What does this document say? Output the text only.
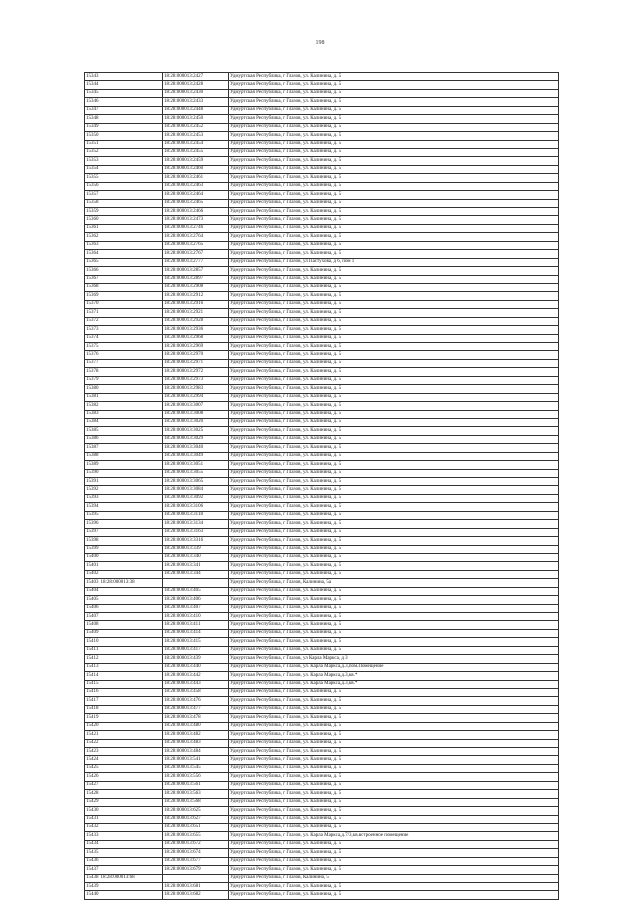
198
15343	18:28:000013:2427	Удмуртская Республика, г Глазов, ул. Калинина, д. 5
15344	18:28:000013:2428	Удмуртская Республика, г Глазов, ул. Калинина, д. 5
15345	18:28:000013:2430	Удмуртская Республика, г Глазов, ул. Калинина, д. 5
15346	18:28:000013:2433	Удмуртская Республика, г Глазов, ул. Калинина, д. 5
15347	18:28:000013:2448	Удмуртская Республика, г Глазов, ул. Калинина, д. 5
15348	18:28:000013:2450	Удмуртская Республика, г Глазов, ул. Калинина, д. 5
15349	18:28:000013:2452	Удмуртская Республика, г Глазов, ул. Калинина, д. 5
15350	18:28:000013:2453	Удмуртская Республика, г Глазов, ул. Калинина, д. 5
15351	18:28:000013:2454	Удмуртская Республика, г Глазов, ул. Калинина, д. 5
15352	18:28:000013:2455	Удмуртская Республика, г Глазов, ул. Калинина, д. 5
15353	18:28:000013:2459	Удмуртская Республика, г Глазов, ул. Калинина, д. 5
15354	18:28:000013:2460	Удмуртская Республика, г Глазов, ул. Калинина, д. 5
15355	18:28:000013:2461	Удмуртская Республика, г Глазов, ул. Калинина, д. 5
15356	18:28:000013:2463	Удмуртская Республика, г Глазов, ул. Калинина, д. 5
15357	18:28:000013:2464	Удмуртская Республика, г Глазов, ул. Калинина, д. 5
15358	18:28:000013:2465	Удмуртская Республика, г Глазов, ул. Калинина, д. 5
15359	18:28:000013:2466	Удмуртская Республика, г Глазов, ул. Калинина, д. 5
15360	18:28:000013:2473	Удмуртская Республика, г Глазов, ул. Калинина, д. 5
15361	18:28:000013:2746	Удмуртская Республика, г Глазов, ул. Калинина, д. 5
15362	18:28:000013:2764	Удмуртская Республика, г Глазов, ул. Калинина, д. 5
15363	18:28:000013:2765	Удмуртская Республика, г Глазов, ул. Калинина, д. 5
15364	18:28:000013:2767	Удмуртская Республика, г Глазов, ул. Калинина, д. 5
15365	18:28:000013:2777	Удмуртская Республика, г Глазов, ул Пастухова, д 6, пом 1
15366	18:28:000013:2857	Удмуртская Республика, г Глазов, ул. Калинина, д. 5
15367	18:28:000013:2897	Удмуртская Республика, г Глазов, ул. Калинина, д. 5
15368	18:28:000013:2908	Удмуртская Республика, г Глазов, ул. Калинина, д. 5
15369	18:28:000013:2912	Удмуртская Республика, г Глазов, ул. Калинина, д. 5
15370	18:28:000013:2916	Удмуртская Республика, г Глазов, ул. Калинина, д. 5
15371	18:28:000013:2921	Удмуртская Республика, г Глазов, ул. Калинина, д. 5
15372	18:28:000013:2928	Удмуртская Республика, г Глазов, ул. Калинина, д. 5
15373	18:28:000013:2936	Удмуртская Республика, г Глазов, ул. Калинина, д. 5
15374	18:28:000013:2968	Удмуртская Республика, г Глазов, ул. Калинина, д. 5
15375	18:28:000013:2969	Удмуртская Республика, г Глазов, ул. Калинина, д. 5
15376	18:28:000013:2970	Удмуртская Республика, г Глазов, ул. Калинина, д. 5
15377	18:28:000013:2971	Удмуртская Республика, г Глазов, ул. Калинина, д. 5
15378	18:28:000013:2972	Удмуртская Республика, г Глазов, ул. Калинина, д. 5
15379	18:28:000013:2973	Удмуртская Республика, г Глазов, ул. Калинина, д. 5
15380	18:28:000013:2983	Удмуртская Республика, г Глазов, ул. Калинина, д. 5
15381	18:28:000013:2994	Удмуртская Республика, г Глазов, ул. Калинина, д. 5
15382	18:28:000013:3007	Удмуртская Республика, г Глазов, ул. Калинина, д. 5
15383	18:28:000013:3008	Удмуртская Республика, г Глазов, ул. Калинина, д. 5
15384	18:28:000013:3020	Удмуртская Республика, г Глазов, ул. Калинина, д. 5
15385	18:28:000013:3025	Удмуртская Республика, г Глазов, ул. Калинина, д. 5
15386	18:28:000013:3029	Удмуртская Республика, г Глазов, ул. Калинина, д. 5
15387	18:28:000013:3040	Удмуртская Республика, г Глазов, ул. Калинина, д. 5
15388	18:28:000013:3049	Удмуртская Республика, г Глазов, ул. Калинина, д. 5
15389	18:28:000013:3051	Удмуртская Республика, г Глазов, ул. Калинина, д. 5
15390	18:28:000013:3055	Удмуртская Республика, г Глазов, ул. Калинина, д. 5
15391	18:28:000013:3065	Удмуртская Республика, г Глазов, ул. Калинина, д. 5
15392	18:28:000013:3084	Удмуртская Республика, г Глазов, ул. Калинина, д. 5
15393	18:28:000013:3092	Удмуртская Республика, г Глазов, ул. Калинина, д. 5
15394	18:28:000013:3106	Удмуртская Республика, г Глазов, ул. Калинина, д. 5
15395	18:28:000013:3118	Удмуртская Республика, г Глазов, ул. Калинина, д. 5
15396	18:28:000013:3134	Удмуртская Республика, г Глазов, ул. Калинина, д. 5
15397	18:28:000013:3163	Удмуртская Республика, г Глазов, ул. Калинина, д. 5
15398	18:28:000013:3316	Удмуртская Республика, г Глазов, ул. Калинина, д. 5
15399	18:28:000013:339	Удмуртская Республика, г Глазов, ул. Калинина, д. 5
15400	18:28:000013:340	Удмуртская Республика, г Глазов, ул. Калинина, д. 5
15401	18:28:000013:341	Удмуртская Республика, г Глазов, ул. Калинина, д. 5
15402	18:28:000013:344	Удмуртская Республика, г Глазов, ул. Калинина, д. 5
15403 18:28:000013:38		Удмуртская Республика, г Глазов, Калинина, 5а
15404	18:28:000013:405	Удмуртская Республика, г Глазов, ул. Калинина, д. 5
15405	18:28:000013:406	Удмуртская Республика, г Глазов, ул. Калинина, д. 5
15406	18:28:000013:407	Удмуртская Республика, г Глазов, ул. Калинина, д. 5
15407	18:28:000013:410	Удмуртская Республика, г Глазов, ул. Калинина, д. 5
15408	18:28:000013:411	Удмуртская Республика, г Глазов, ул. Калинина, д. 5
15409	18:28:000013:414	Удмуртская Республика, г Глазов, ул. Калинина, д. 5
15410	18:28:000013:415	Удмуртская Республика, г Глазов, ул. Калинина, д. 5
15411	18:28:000013:417	Удмуртская Республика, г Глазов, ул. Калинина, д. 5
15412	18:28:000013:439	Удмуртская Республика, г Глазов, ул Карла Маркса, д 3
15413	18:28:000013:440	Удмуртская Республика, г Глазов, ул. Карла Маркса,д.3,пом.Помещение
15414	18:28:000013:442	Удмуртская Республика, г Глазов, ул. Карла Маркса,д.3,кв.*
15415	18:28:000013:443	Удмуртская Республика, г Глазов, ул. Карла Маркса,д.3,кв.*
15416	18:28:000013:458	Удмуртская Республика, г Глазов, ул. Калинина, д. 5
15417	18:28:000013:476	Удмуртская Республика, г Глазов, ул. Калинина, д. 5
15418	18:28:000013:477	Удмуртская Республика, г Глазов, ул. Калинина, д. 5
15419	18:28:000013:478	Удмуртская Республика, г Глазов, ул. Калинина, д. 5
15420	18:28:000013:480	Удмуртская Республика, г Глазов, ул. Калинина, д. 5
15421	18:28:000013:482	Удмуртская Республика, г Глазов, ул. Калинина, д. 5
15422	18:28:000013:483	Удмуртская Республика, г Глазов, ул. Калинина, д. 5
15423	18:28:000013:484	Удмуртская Республика, г Глазов, ул. Калинина, д. 5
15424	18:28:000013:541	Удмуртская Республика, г Глазов, ул. Калинина, д. 5
15425	18:28:000013:545	Удмуртская Республика, г Глазов, ул. Калинина, д. 5
15426	18:28:000013:556	Удмуртская Республика, г Глазов, ул. Калинина, д. 5
15427	18:28:000013:561	Удмуртская Республика, г Глазов, ул. Калинина, д. 5
15428	18:28:000013:563	Удмуртская Республика, г Глазов, ул. Калинина, д. 5
15429	18:28:000013:568	Удмуртская Республика, г Глазов, ул. Калинина, д. 5
15430	18:28:000013:625	Удмуртская Республика, г Глазов, ул. Калинина, д. 5
15431	18:28:000013:627	Удмуртская Республика, г Глазов, ул. Калинина, д. 5
15432	18:28:000013:651	Удмуртская Республика, г Глазов, ул. Калинина, д. 5
15433	18:28:000013:655	Удмуртская Республика, г Глазов, ул. Карла Маркса,д.7/3,кв.встроенное помещение
15434	18:28:000013:672	Удмуртская Республика, г Глазов, ул. Калинина, д. 5
15435	18:28:000013:674	Удмуртская Республика, г Глазов, ул. Калинина, д. 5
15436	18:28:000013:677	Удмуртская Республика, г Глазов, ул. Калинина, д. 5
15437	18:28:000013:679	Удмуртская Республика, г Глазов, ул. Калинина, д. 5
15438 18:28:000013:68		Удмуртская Республика, г Глазов, Калинина, 5
15439	18:28:000013:681	Удмуртская Республика, г Глазов, ул. Калинина, д. 5
15440	18:28:000013:682	Удмуртская Республика, г Глазов, ул. Калинина, д. 5
